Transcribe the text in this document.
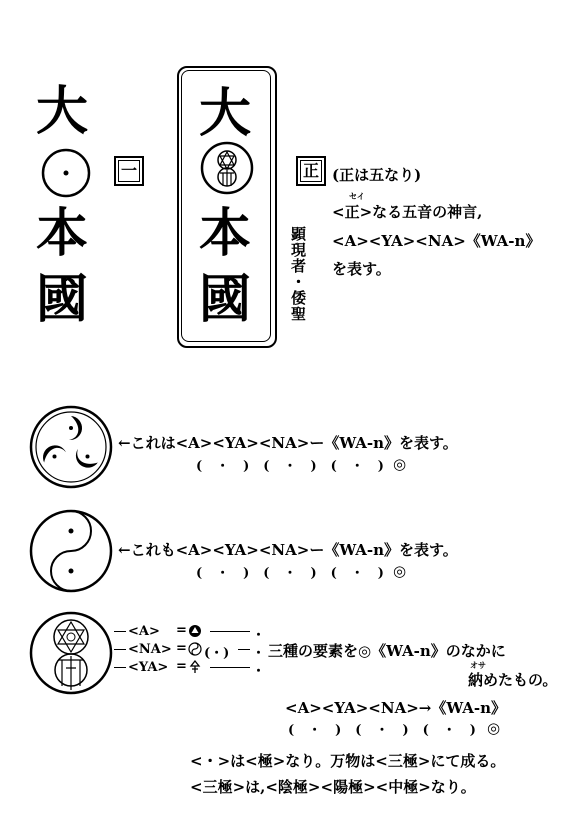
大
本
國
一
大
本
國
正
顕現者・倭聖
(正は五なり)
セイ
<正>なる五音の神言,
<A><YA><NA>《WA-n》
を表す。
←これは<A><YA><NA>ー《WA-n》を表す。
(・)(・)(・)
◎
←これも<A><YA><NA>ー《WA-n》を表す。
(・)(・)(・)
◎
<A> =	・
<NA> = (・) ・
<YA> =	・
三種の要素を◎《WA-n》のなかに
オサ
納めたもの。
<A><YA><NA>→《WA-n》
(・)(・)(・)
◎
<・>は<極>なり。万物は<三極>にて成る。
<三極>は,<陰極><陽極><中極>なり。
